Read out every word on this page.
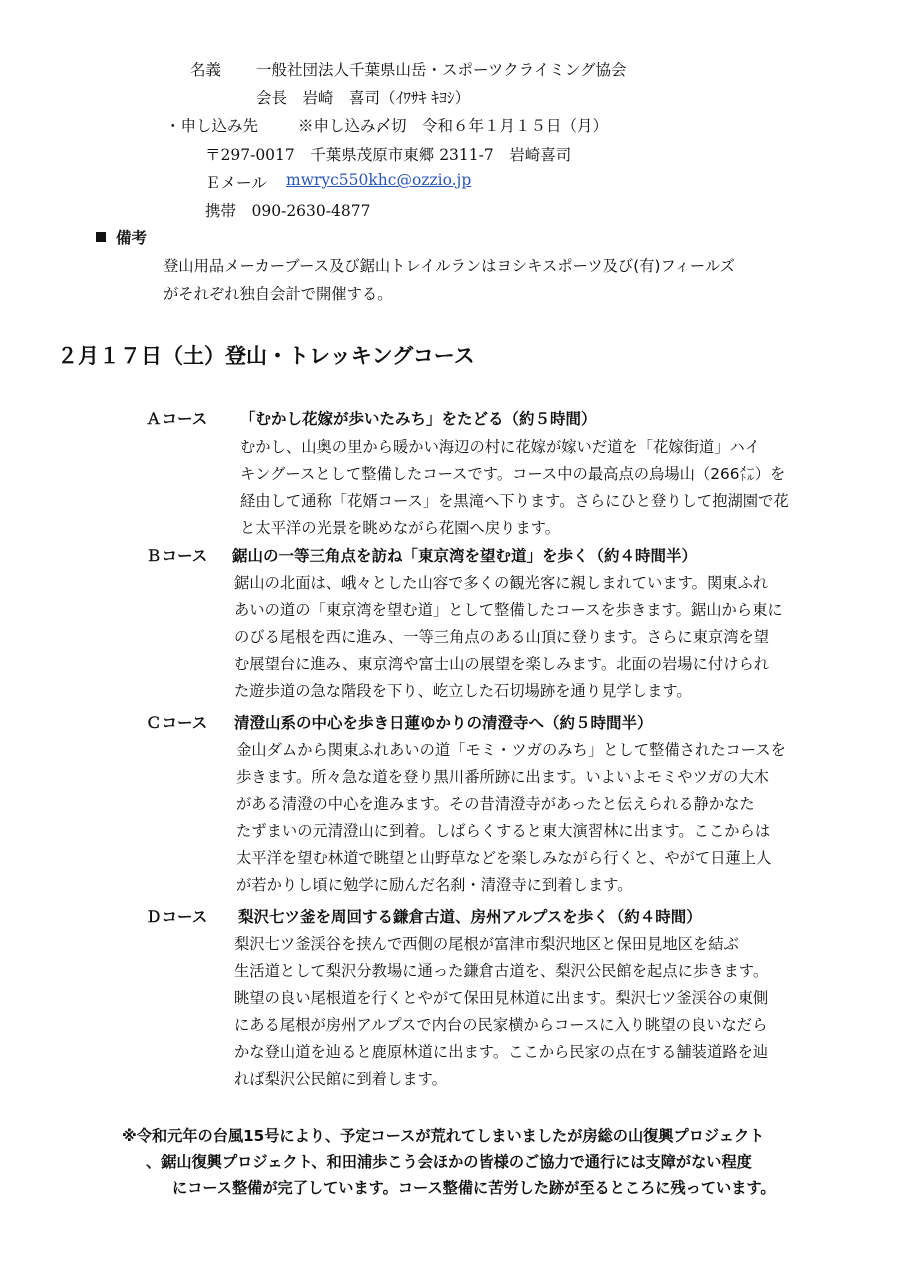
名義 一般社団法人千葉県山岳・スポーツクライミング協会
会長　岩崎　喜司（ｲﾜｻｷ ｷﾖｼ）
・申し込み先	※申し込み〆切　令和６年１月１５日（月）
〒297-0017　千葉県茂原市東郷 2311-7　岩崎喜司
Ｅメール mwryc550khc@ozzio.jp
携帯　090-2630-4877
備考
登山用品メーカーブース及び鋸山トレイルランはヨシキスポーツ及び(有)フィールズ
がそれぞれ独自会計で開催する。
２月１７日（土）登山・トレッキングコース
Ａコース 「むかし花嫁が歩いたみち」をたどる（約５時間）
むかし、山奥の里から暖かい海辺の村に花嫁が嫁いだ道を「花嫁街道」ハイ
キングースとして整備したコースです。コース中の最高点の烏場山（266㍍）を
経由して通称「花婿コース」を黒滝へ下ります。さらにひと登りして抱湖園で花
と太平洋の光景を眺めながら花園へ戻ります。
Ｂコース 鋸山の一等三角点を訪ね「東京湾を望む道」を歩く（約４時間半）
鋸山の北面は、峨々とした山容で多くの観光客に親しまれています。関東ふれ
あいの道の「東京湾を望む道」として整備したコースを歩きます。鋸山から東に
のびる尾根を西に進み、一等三角点のある山頂に登ります。さらに東京湾を望
む展望台に進み、東京湾や富士山の展望を楽しみます。北面の岩場に付けられ
た遊歩道の急な階段を下り、屹立した石切場跡を通り見学します。
Ｃコース 清澄山系の中心を歩き日蓮ゆかりの清澄寺へ（約５時間半）
金山ダムから関東ふれあいの道「モミ・ツガのみち」として整備されたコースを
歩きます。所々急な道を登り黒川番所跡に出ます。いよいよモミやツガの大木
がある清澄の中心を進みます。その昔清澄寺があったと伝えられる静かなた
たずまいの元清澄山に到着。しばらくすると東大演習林に出ます。ここからは
太平洋を望む林道で眺望と山野草などを楽しみながら行くと、やがて日蓮上人
が若かりし頃に勉学に励んだ名刹・清澄寺に到着します。
Ｄコース 梨沢七ツ釜を周回する鎌倉古道、房州アルプスを歩く（約４時間）
梨沢七ツ釜渓谷を挟んで西側の尾根が富津市梨沢地区と保田見地区を結ぶ
生活道として梨沢分教場に通った鎌倉古道を、梨沢公民館を起点に歩きます。
眺望の良い尾根道を行くとやがて保田見林道に出ます。梨沢七ツ釜渓谷の東側
にある尾根が房州アルプスで内台の民家横からコースに入り眺望の良いなだら
かな登山道を辿ると鹿原林道に出ます。ここから民家の点在する舗装道路を辿
れば梨沢公民館に到着します。
※令和元年の台風15号により、予定コースが荒れてしまいましたが房総の山復興プロジェクト
、鋸山復興プロジェクト、和田浦歩こう会ほかの皆様のご協力で通行には支障がない程度
にコース整備が完了しています。コース整備に苦労した跡が至るところに残っています。
